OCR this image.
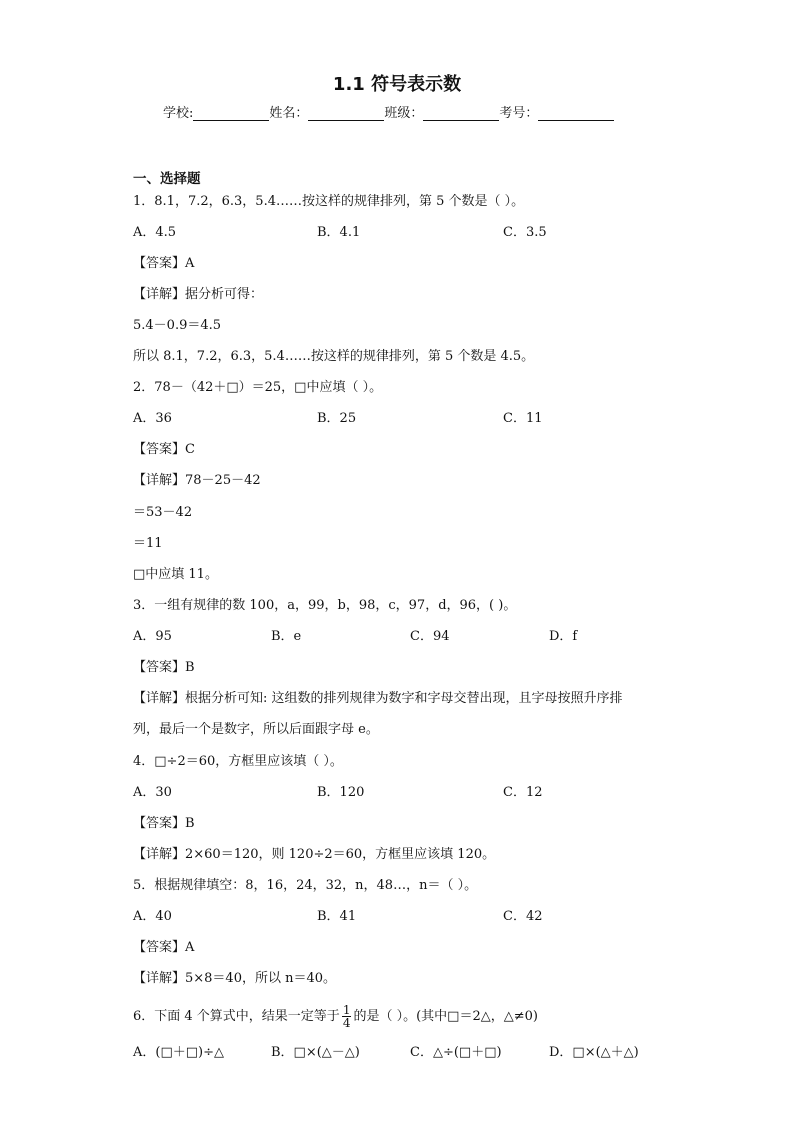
1.1 符号表示数
学校:	姓名：	班级：	考号：
一、选择题
1．8.1，7.2，6.3，5.4……按这样的规律排列，第 5 个数是（ ）。
A．4.5	B．4.1	C．3.5
【答案】A
【详解】据分析可得：
5.4－0.9＝4.5
所以 8.1，7.2，6.3，5.4……按这样的规律排列，第 5 个数是 4.5。
2．78－（42＋□）＝25，□中应填（ ）。
A．36	B．25	C．11
【答案】C
【详解】78－25－42
＝53－42
＝11
□中应填 11。
3．一组有规律的数 100，a，99，b，98，c，97，d，96，( )。
A．95	B．e	C．94	D．f
【答案】B
【详解】根据分析可知: 这组数的排列规律为数字和字母交替出现，且字母按照升序排
列，最后一个是数字，所以后面跟字母 e。
4．□÷2＝60，方框里应该填（ ）。
A．30	B．120	C．12
【答案】B
【详解】2×60＝120，则 120÷2＝60，方框里应该填 120。
5．根据规律填空：8，16，24，32，n，48…，n＝（ ）。
A．40	B．41	C．42
【答案】A
【详解】5×8＝40，所以 n＝40。
6．下面 4 个算式中，结果一定等于 $\frac{1}{4}$ 的是（ ）。(其中□＝2△，△≠0)
A．(□＋□)÷△	B．□×(△－△)	C．△÷(□＋□)	D．□×(△＋△)
